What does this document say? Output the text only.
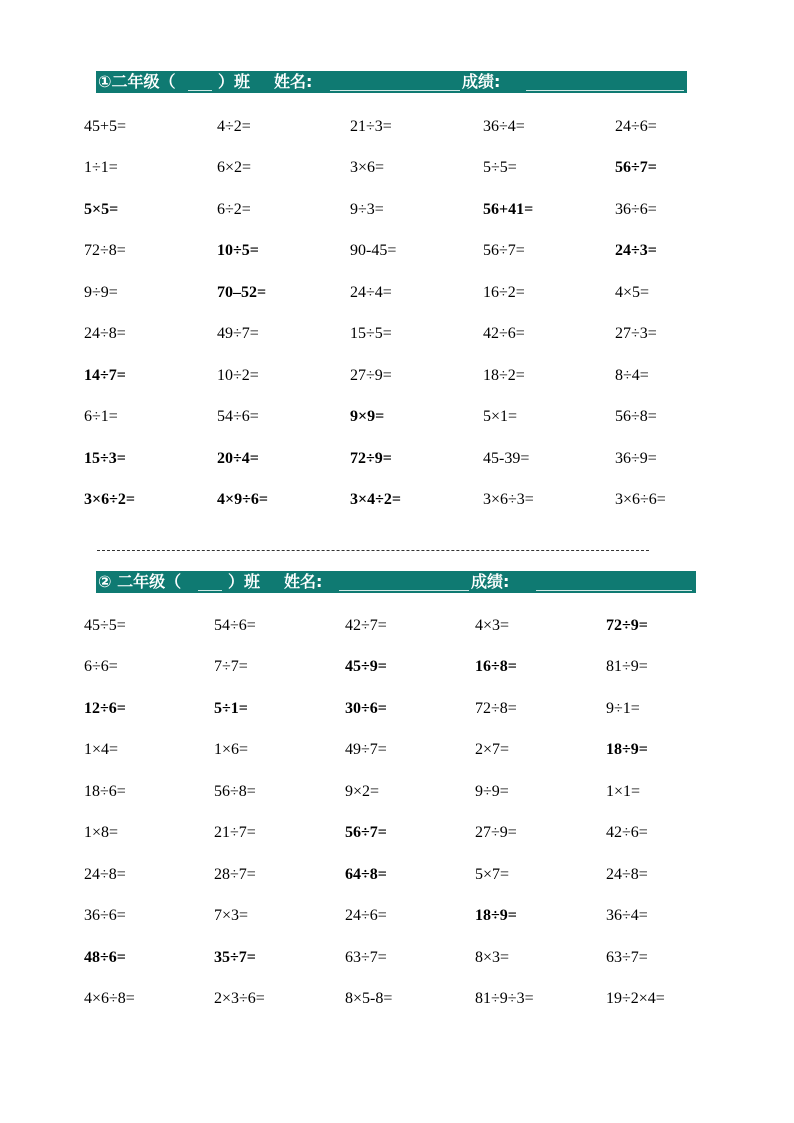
①二年级（	）班 姓名:	成绩:
45+5=	4÷2=	21÷3=	36÷4=	24÷6=
1÷1=	6×2=	3×6=	5÷5=	56÷7=
5×5=	6÷2=	9÷3=	56+41=	36÷6=
72÷8=	10÷5=	90-45=	56÷7=	24÷3=
9÷9=	70–52=	24÷4=	16÷2=	4×5=
24÷8=	49÷7=	15÷5=	42÷6=	27÷3=
14÷7=	10÷2=	27÷9=	18÷2=	8÷4=
6÷1=	54÷6=	9×9=	5×1=	56÷8=
15÷3=	20÷4=	72÷9=	45-39=	36÷9=
3×6÷2=	4×9÷6=	3×4÷2=	3×6÷3=	3×6÷6=
② 二年级（	）班 姓名:	成绩:
45÷5=	54÷6=	42÷7=	4×3=	72÷9=
6÷6=	7÷7=	45÷9=	16÷8=	81÷9=
12÷6=	5÷1=	30÷6=	72÷8=	9÷1=
1×4=	1×6=	49÷7=	2×7=	18÷9=
18÷6=	56÷8=	9×2=	9÷9=	1×1=
1×8=	21÷7=	56÷7=	27÷9=	42÷6=
24÷8=	28÷7=	64÷8=	5×7=	24÷8=
36÷6=	7×3=	24÷6=	18÷9=	36÷4=
48÷6=	35÷7=	63÷7=	8×3=	63÷7=
4×6÷8=	2×3÷6=	8×5-8=	81÷9÷3=	19÷2×4=
